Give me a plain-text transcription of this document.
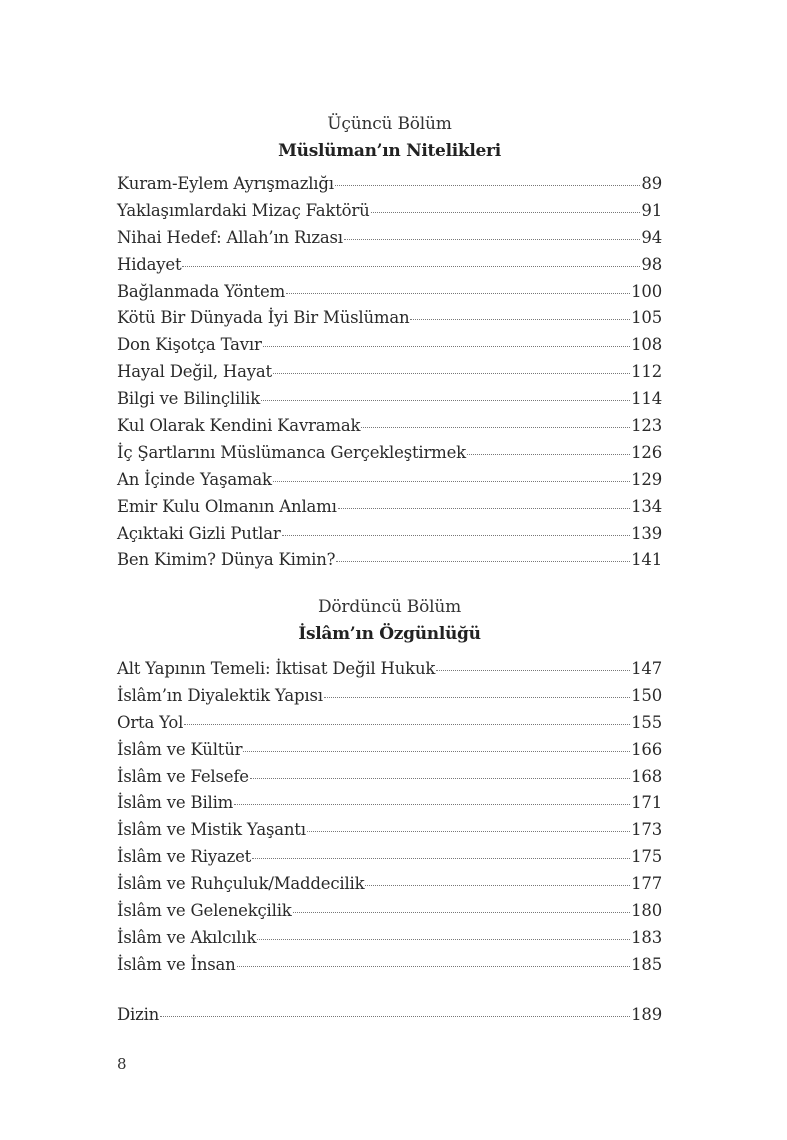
Üçüncü Bölüm
Müslüman’ın Nitelikleri
Kuram-Eylem Ayrışmazlığı	89
Yaklaşımlardaki Mizaç Faktörü	91
Nihai Hedef: Allah’ın Rızası	94
Hidayet	98
Bağlanmada Yöntem	100
Kötü Bir Dünyada İyi Bir Müslüman	105
Don Kişotça Tavır	108
Hayal Değil, Hayat	112
Bilgi ve Bilinçlilik	114
Kul Olarak Kendini Kavramak	123
İç Şartlarını Müslümanca Gerçekleştirmek	126
An İçinde Yaşamak	129
Emir Kulu Olmanın Anlamı	134
Açıktaki Gizli Putlar	139
Ben Kimim? Dünya Kimin?	141
Dördüncü Bölüm
İslâm’ın Özgünlüğü
Alt Yapının Temeli: İktisat Değil Hukuk	147
İslâm’ın Diyalektik Yapısı	150
Orta Yol	155
İslâm ve Kültür	166
İslâm ve Felsefe	168
İslâm ve Bilim	171
İslâm ve Mistik Yaşantı	173
İslâm ve Riyazet	175
İslâm ve Ruhçuluk/Maddecilik	177
İslâm ve Gelenekçilik	180
İslâm ve Akılcılık	183
İslâm ve İnsan	185
Dizin	189
8
